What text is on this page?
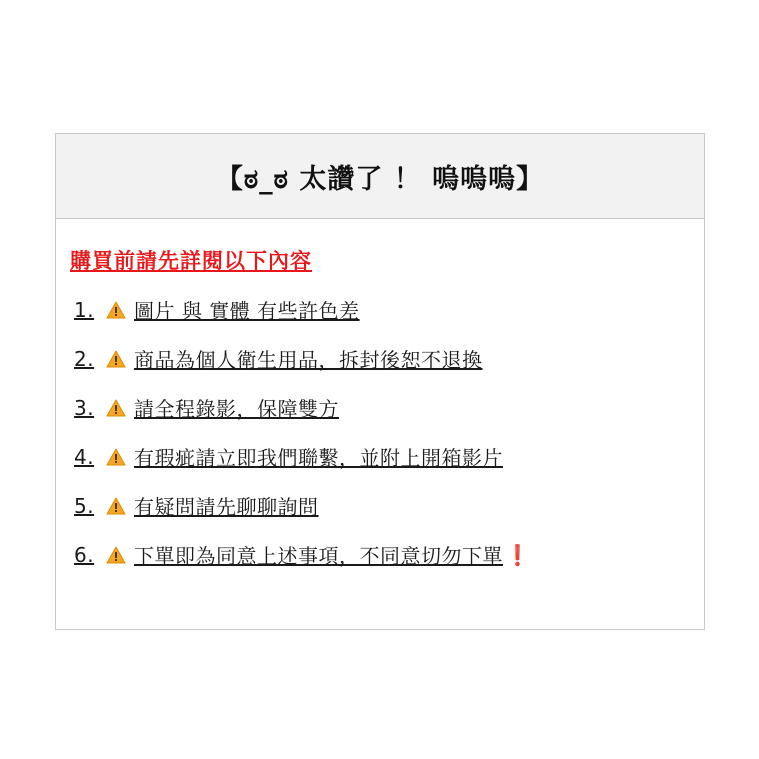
【ಠ_ಠ 太讚了 ！ 嗚嗚嗚】
購買前請先詳閱以下內容
1.	圖片 與 實體 有些許色差
2.	商品為個人衛生用品，拆封後恕不退換
3.	請全程錄影，保障雙方
4.	有瑕疵請立即我們聯繫，並附上開箱影片
5.	有疑問請先聊聊詢問
6.	下單即為同意上述事項，不同意切勿下單 ❗
